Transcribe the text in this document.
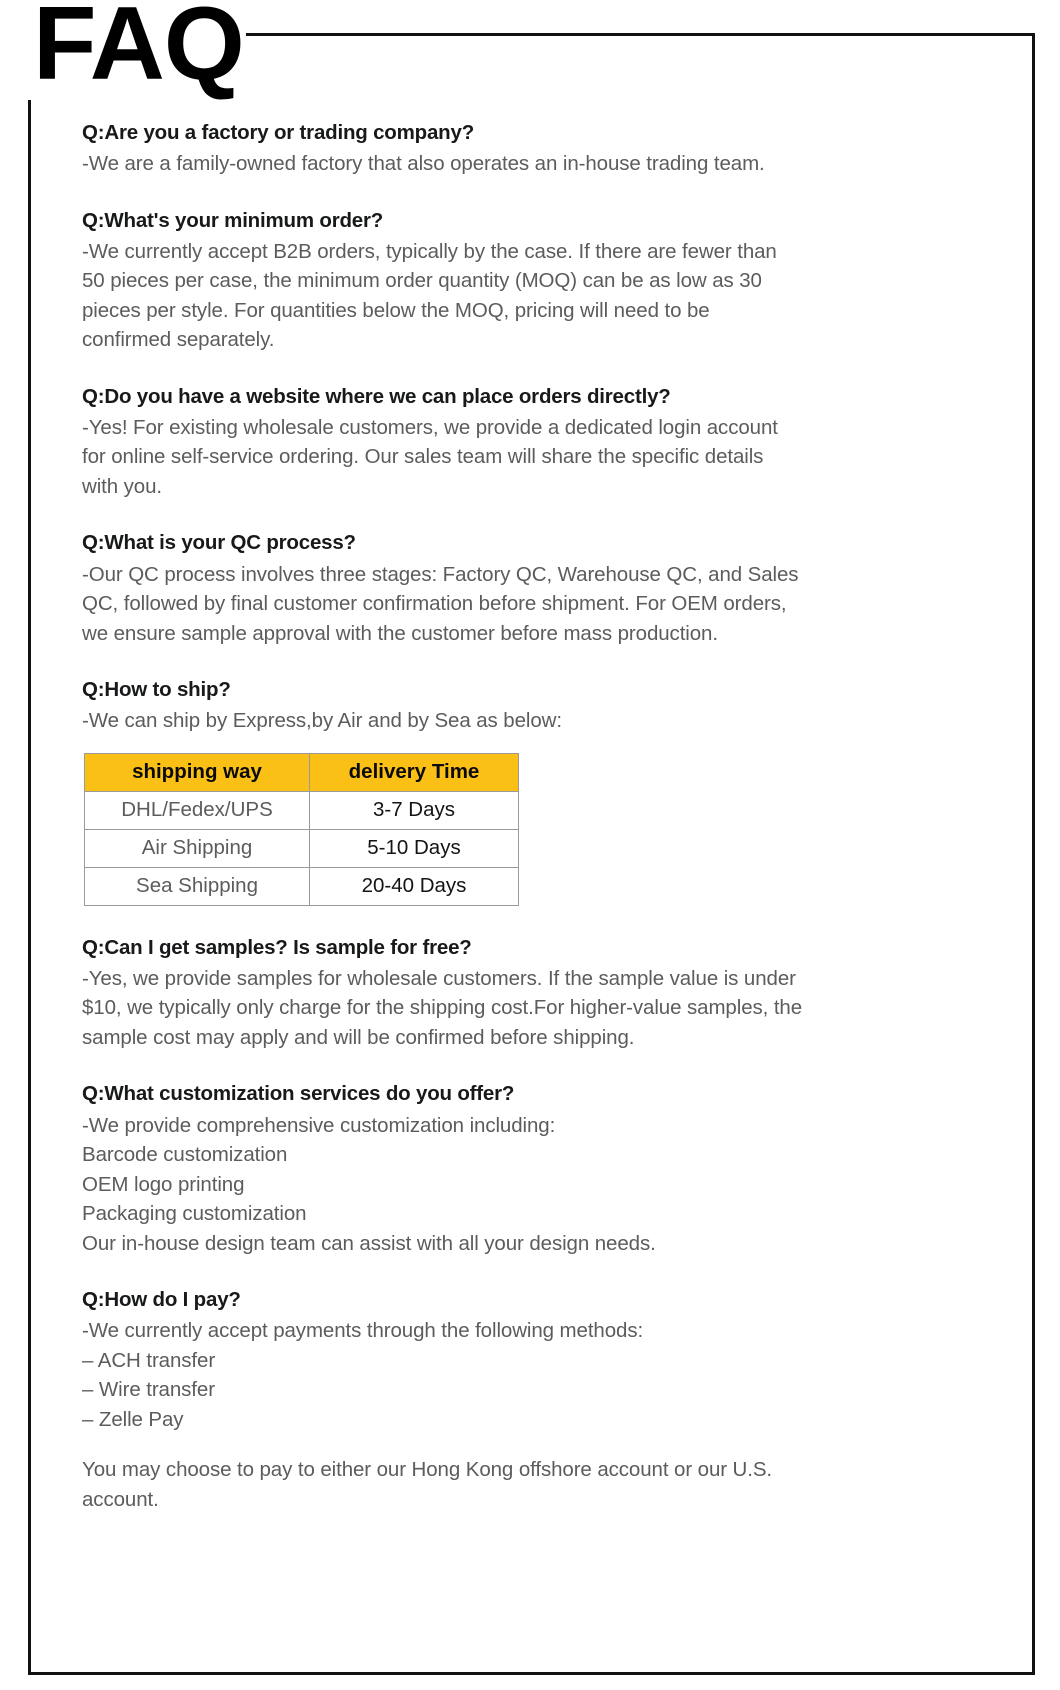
FAQ

Q:Are you a factory or trading company?

-We are a family-owned factory that also operates an in-house trading team.

Q:What's your minimum order?

-We currently accept B2B orders, typically by the case. If there are fewer than
50 pieces per case, the minimum order quantity (MOQ) can be as low as 30
pieces per style. For quantities below the MOQ, pricing will need to be
confirmed separately.

Q:Do you have a website where we can place orders directly?

-Yes! For existing wholesale customers, we provide a dedicated login account
for online self-service ordering. Our sales team will share the specific details
with you.

Q:What is your QC process?

-Our QC process involves three stages: Factory QC, Warehouse QC, and Sales
QC, followed by final customer confirmation before shipment. For OEM orders,
we ensure sample approval with the customer before mass production.

Q:How to ship?

-We can ship by Express,by Air and by Sea as below:

shipping way	delivery Time
DHL/Fedex/UPS	3-7 Days
Air Shipping	5-10 Days
Sea Shipping	20-40 Days

Q:Can I get samples? Is sample for free?

-Yes, we provide samples for wholesale customers. If the sample value is under
$10, we typically only charge for the shipping cost.For higher-value samples, the
sample cost may apply and will be confirmed before shipping.

Q:What customization services do you offer?

-We provide comprehensive customization including:
Barcode customization
OEM logo printing
Packaging customization
Our in-house design team can assist with all your design needs.

Q:How do I pay?

-We currently accept payments through the following methods:
– ACH transfer
– Wire transfer
– Zelle Pay

You may choose to pay to either our Hong Kong offshore account or our U.S.
account.
